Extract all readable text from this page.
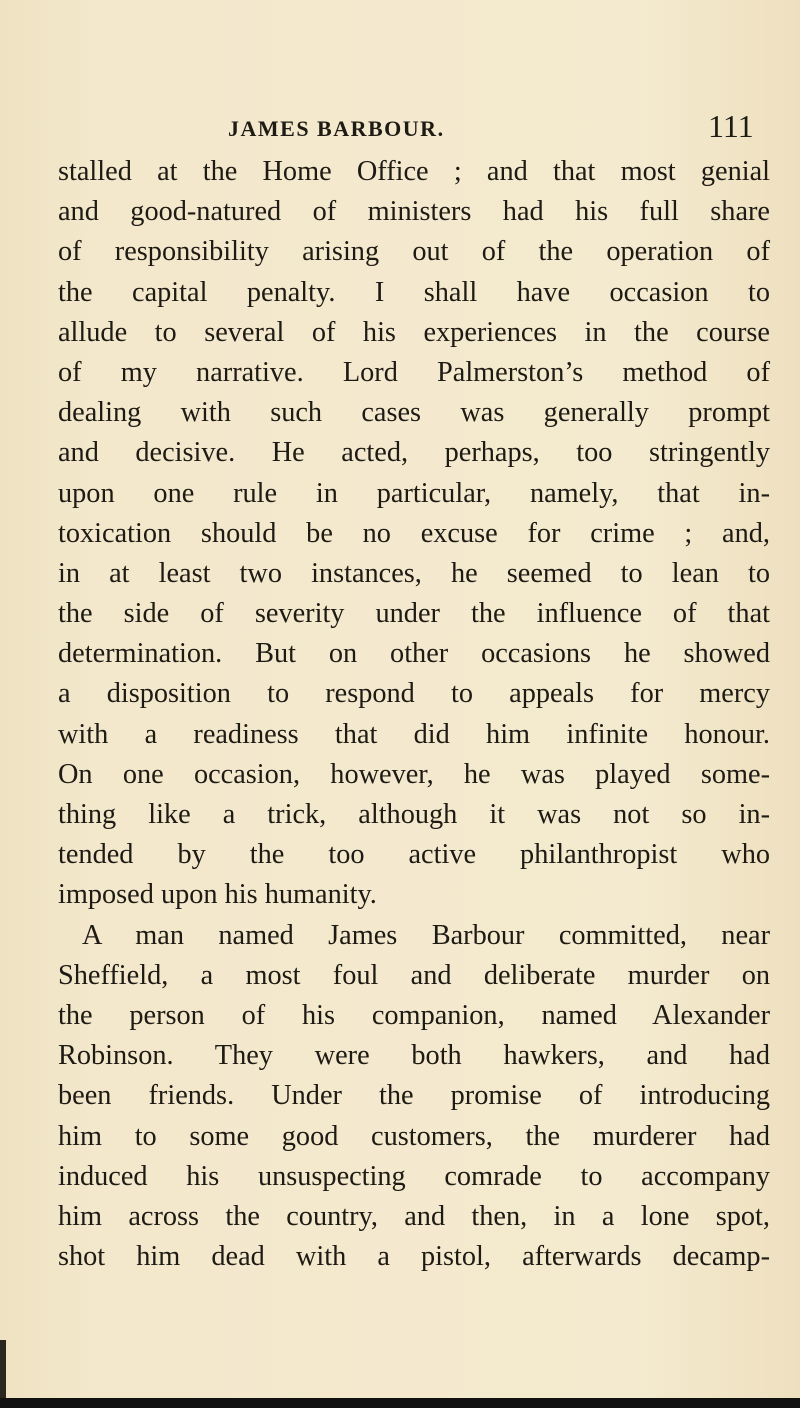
JAMES BARBOUR.	111
stalled at the Home Office ; and that most genial
and good-natured of ministers had his full share
of responsibility arising out of the operation of
the capital penalty. I shall have occasion to
allude to several of his experiences in the course
of my narrative. Lord Palmerston’s method of
dealing with such cases was generally prompt
and decisive. He acted, perhaps, too stringently
upon one rule in particular, namely, that in-
toxication should be no excuse for crime ; and,
in at least two instances, he seemed to lean to
the side of severity under the influence of that
determination. But on other occasions he showed
a disposition to respond to appeals for mercy
with a readiness that did him infinite honour.
On one occasion, however, he was played some-
thing like a trick, although it was not so in-
tended by the too active philanthropist who
imposed upon his humanity.
A man named James Barbour committed, near
Sheffield, a most foul and deliberate murder on
the person of his companion, named Alexander
Robinson. They were both hawkers, and had
been friends. Under the promise of introducing
him to some good customers, the murderer had
induced his unsuspecting comrade to accompany
him across the country, and then, in a lone spot,
shot him dead with a pistol, afterwards decamp-
